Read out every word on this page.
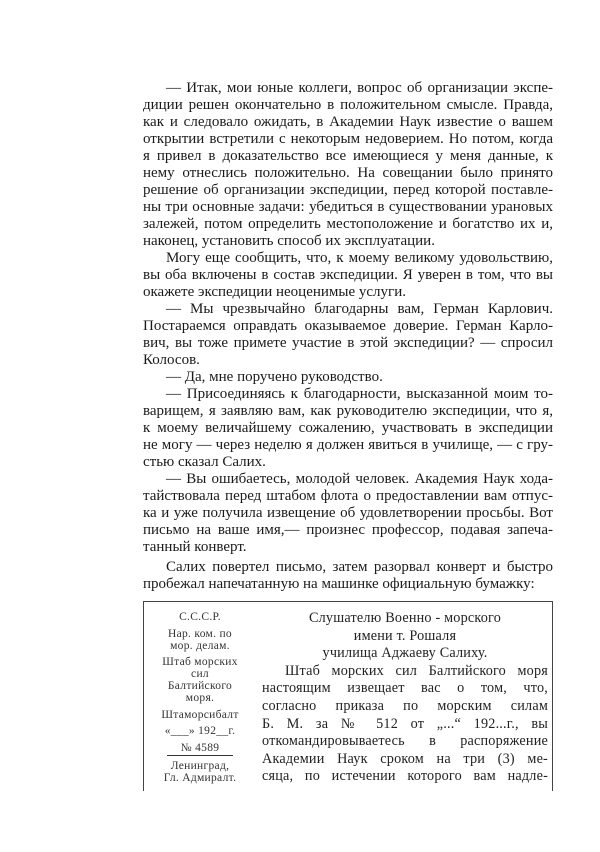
— Итак, мои юные коллеги, вопрос об организации экспе-
диции решен окончательно в положительном смысле. Правда,
как и следовало ожидать, в Академии Наук известие о вашем
открытии встретили с некоторым недоверием. Но потом, когда
я привел в доказательство все имеющиеся у меня данные, к
нему отнеслись положительно. На совещании было принято
решение об организации экспедиции, перед которой поставле-
ны три основные задачи: убедиться в существовании урановых
залежей, потом определить местоположение и богатство их и,
наконец, установить способ их эксплуатации.
Могу еще сообщить, что, к моему великому удовольствию,
вы оба включены в состав экспедиции. Я уверен в том, что вы
окажете экспедиции неоценимые услуги.
— Мы чрезвычайно благодарны вам, Герман Карлович.
Постараемся оправдать оказываемое доверие. Герман Карло-
вич, вы тоже примете участие в этой экспедиции? — спросил
Колосов.
— Да, мне поручено руководство.
— Присоединяясь к благодарности, высказанной моим то-
варищем, я заявляю вам, как руководителю экспедиции, что я,
к моему величайшему сожалению, участвовать в экспедиции
не могу — через неделю я должен явиться в училище, — с гру-
стью сказал Салих.
— Вы ошибаетесь, молодой человек. Академия Наук хода-
тайствовала перед штабом флота о предоставлении вам отпус-
ка и уже получила извещение об удовлетворении просьбы. Вот
письмо на ваше имя,— произнес профессор, подавая запеча-
танный конверт.
Салих повертел письмо, затем разорвал конверт и быстро
пробежал напечатанную на машинке официальную бумажку:
С.С.С.Р.
Нар. ком. по
мор. делам.
Штаб морских
сил
Балтийского
моря.
Штаморсибалт
«___» 192__г.
№ 4589
Ленинград,
Гл. Адмиралт.
Слушателю Военно - морского
имени т. Рошаля
училища Аджаеву Салиху.
Штаб морских сил Балтийского моря
настоящим извещает вас о том, что,
согласно приказа по морским силам
Б. М. за № 512 от „...“ 192...г., вы
откомандировываетесь в распоряжение
Академии Наук сроком на три (3) ме-
сяца, по истечении которого вам надле-
